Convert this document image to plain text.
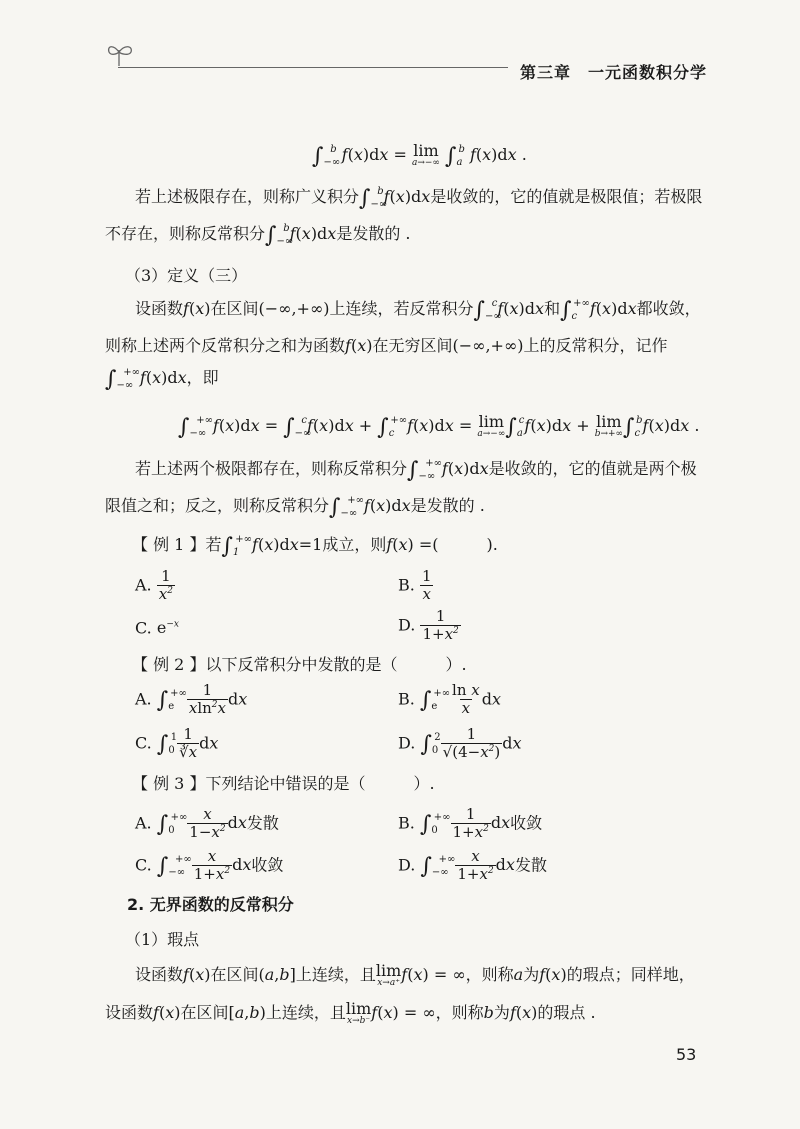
第三章　一元函数积分学
$\int_{-\infty}^b$ f(x)dx = lim
a→−∞ $\int_a^b$ f(x)dx .
若上述极限存在，则称广义积分$\int_{-\infty}^bf(x)dx$是收敛的，它的值就是极限值；若极限
不存在，则称反常积分$\int_{-\infty}^bf(x)dx$是发散的 .
（3）定义（三）
设函数f(x)在区间(−∞,+∞)上连续，若反常积分$\int_{-\infty}^cf(x)dx$和$\int_c^{+\infty}f(x)dx$都收敛，
则称上述两个反常积分之和为函数f(x)在无穷区间(−∞,+∞)上的反常积分，记作
$\int_{-\infty}^{+\infty}f(x)dx$，即
$\int_{-\infty}^{+\infty}f(x)dx = \int_{-\infty}^cf(x)dx + \int_c^{+\infty}f(x)dx = \lim$
a→−∞ $\int_a^cf(x)dx + \lim$
b→+∞ $\int_c^bf(x)dx$ .
若上述两个极限都存在，则称反常积分$\int_{-\infty}^{+\infty}f(x)dx$是收敛的，它的值就是两个极
限值之和；反之，则称反常积分$\int_{-\infty}^{+\infty}f(x)dx$是发散的 .
【 例 1 】若$\int_1^{+\infty}f(x)dx=1$成立，则f(x) =(　　　).
A. $\frac{1}{x^2}$	B. $\frac{1}{x}$
C. $e^{-x}$	D. $\frac{1}{1+x^2}$
【 例 2 】以下反常积分中发散的是（　　　）.
A. $\int_e^{+\infty} \frac{1}{xln^2x}$ dx	B. $\int_e^{+\infty} \frac{\text{ln x}}{x}$ dx
C. $\int_0^1 \frac{1}{∛x}$ dx	D. $\int_0^2 \frac{1}{√(4-x^2)}$ dx
【 例 3 】下列结论中错误的是（　　　）.
A. $\int_0^{+\infty} \frac{x}{1-x^2}$ dx发散	B. $\int_0^{+\infty} \frac{1}{1+x^2}$ dx收敛
C. $\int_{-\infty}^{+\infty} \frac{x}{1+x^2}$ dx收敛	D. $\int_{-\infty}^{+\infty} \frac{x}{1+x^2}$ dx发散
2. 无界函数的反常积分
（1）瑕点
设函数f(x)在区间(a,b]上连续，且 lim
x→a⁺ f(x) = ∞，则称a为f(x)的瑕点；同样地，
设函数f(x)在区间[a,b)上连续，且 lim
x→b⁻ f(x) = ∞，则称b为f(x)的瑕点 .
53
